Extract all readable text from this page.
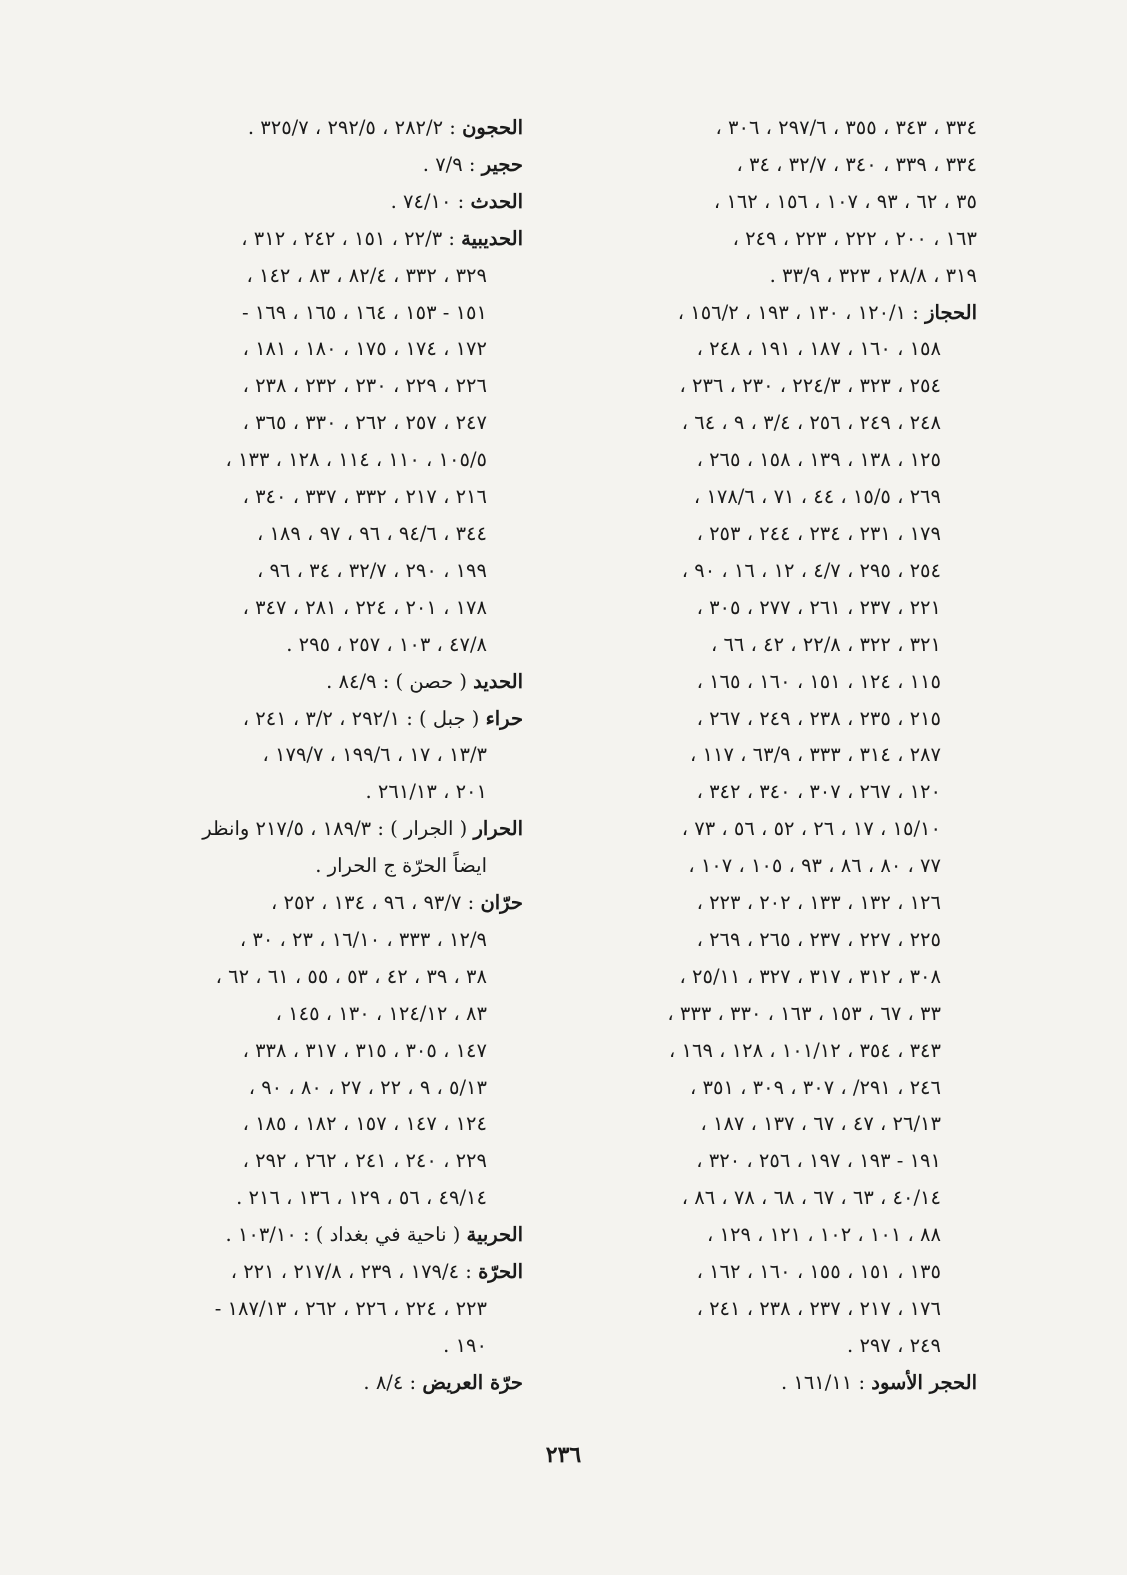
٣٣٤ ، ٣٤٣ ، ٣٥٥ ، ٢٩٧/٦ ، ٣٠٦ ،
٣٣٤ ، ٣٣٩ ، ٣٤٠ ، ٣٢/٧ ، ٣٤ ،
٣٥ ، ٦٢ ، ٩٣ ، ١٠٧ ، ١٥٦ ، ١٦٢ ،
١٦٣ ، ٢٠٠ ، ٢٢٢ ، ٢٢٣ ، ٢٤٩ ،
٣١٩ ، ٢٨/٨ ، ٣٢٣ ، ٣٣/٩ .
الحجاز : ١٢٠/١ ، ١٣٠ ، ١٩٣ ، ١٥٦/٢ ،
١٥٨ ، ١٦٠ ، ١٨٧ ، ١٩١ ، ٢٤٨ ،
٢٥٤ ، ٣٢٣ ، ٢٢٤/٣ ، ٢٣٠ ، ٢٣٦ ،
٢٤٨ ، ٢٤٩ ، ٢٥٦ ، ٣/٤ ، ٩ ، ٦٤ ،
١٢٥ ، ١٣٨ ، ١٣٩ ، ١٥٨ ، ٢٦٥ ،
٢٦٩ ، ١٥/٥ ، ٤٤ ، ٧١ ، ١٧٨/٦ ،
١٧٩ ، ٢٣١ ، ٢٣٤ ، ٢٤٤ ، ٢٥٣ ،
٢٥٤ ، ٢٩٥ ، ٤/٧ ، ١٢ ، ١٦ ، ٩٠ ،
٢٢١ ، ٢٣٧ ، ٢٦١ ، ٢٧٧ ، ٣٠٥ ،
٣٢١ ، ٣٢٢ ، ٢٢/٨ ، ٤٢ ، ٦٦ ،
١١٥ ، ١٢٤ ، ١٥١ ، ١٦٠ ، ١٦٥ ،
٢١٥ ، ٢٣٥ ، ٢٣٨ ، ٢٤٩ ، ٢٦٧ ،
٢٨٧ ، ٣١٤ ، ٣٣٣ ، ٦٣/٩ ، ١١٧ ،
١٢٠ ، ٢٦٧ ، ٣٠٧ ، ٣٤٠ ، ٣٤٢ ،
١٥/١٠ ، ١٧ ، ٢٦ ، ٥٢ ، ٥٦ ، ٧٣ ،
٧٧ ، ٨٠ ، ٨٦ ، ٩٣ ، ١٠٥ ، ١٠٧ ،
١٢٦ ، ١٣٢ ، ١٣٣ ، ٢٠٢ ، ٢٢٣ ،
٢٢٥ ، ٢٢٧ ، ٢٣٧ ، ٢٦٥ ، ٢٦٩ ،
٣٠٨ ، ٣١٢ ، ٣١٧ ، ٣٢٧ ، ٢٥/١١ ،
٣٣ ، ٦٧ ، ١٥٣ ، ١٦٣ ، ٣٣٠ ، ٣٣٣ ،
٣٤٣ ، ٣٥٤ ، ١٠١/١٢ ، ١٢٨ ، ١٦٩ ،
٢٤٦ ، ٢٩١/ ، ٣٠٧ ، ٣٠٩ ، ٣٥١ ،
٢٦/١٣ ، ٤٧ ، ٦٧ ، ١٣٧ ، ١٨٧ ،
١٩١ - ١٩٣ ، ١٩٧ ، ٢٥٦ ، ٣٢٠ ،
٤٠/١٤ ، ٦٣ ، ٦٧ ، ٦٨ ، ٧٨ ، ٨٦ ،
٨٨ ، ١٠١ ، ١٠٢ ، ١٢١ ، ١٢٩ ،
١٣٥ ، ١٥١ ، ١٥٥ ، ١٦٠ ، ١٦٢ ،
١٧٦ ، ٢١٧ ، ٢٣٧ ، ٢٣٨ ، ٢٤١ ،
٢٤٩ ، ٢٩٧ .
الحجر الأسود : ١٦١/١١ .
الحجون : ٢٨٢/٢ ، ٢٩٢/٥ ، ٣٢٥/٧ .
حجير : ٧/٩ .
الحدث : ٧٤/١٠ .
الحديبية : ٢٢/٣ ، ١٥١ ، ٢٤٢ ، ٣١٢ ،
٣٢٩ ، ٣٣٢ ، ٨٢/٤ ، ٨٣ ، ١٤٢ ،
١٥١ - ١٥٣ ، ١٦٤ ، ١٦٥ ، ١٦٩ -
١٧٢ ، ١٧٤ ، ١٧٥ ، ١٨٠ ، ١٨١ ،
٢٢٦ ، ٢٢٩ ، ٢٣٠ ، ٢٣٢ ، ٢٣٨ ،
٢٤٧ ، ٢٥٧ ، ٢٦٢ ، ٣٣٠ ، ٣٦٥ ،
١٠٥/٥ ، ١١٠ ، ١١٤ ، ١٢٨ ، ١٣٣ ،
٢١٦ ، ٢١٧ ، ٣٣٢ ، ٣٣٧ ، ٣٤٠ ،
٣٤٤ ، ٩٤/٦ ، ٩٦ ، ٩٧ ، ١٨٩ ،
١٩٩ ، ٢٩٠ ، ٣٢/٧ ، ٣٤ ، ٩٦ ،
١٧٨ ، ٢٠١ ، ٢٢٤ ، ٢٨١ ، ٣٤٧ ،
٤٧/٨ ، ١٠٣ ، ٢٥٧ ، ٢٩٥ .
الحديد ( حصن ) : ٨٤/٩ .
حراء ( جبل ) : ٢٩٢/١ ، ٣/٢ ، ٢٤١ ،
١٣/٣ ، ١٧ ، ١٩٩/٦ ، ١٧٩/٧ ،
٢٠١ ، ٢٦١/١٣ .
الحرار ( الجرار ) : ١٨٩/٣ ، ٢١٧/٥ وانظر
ايضاً الحرّة ج الحرار .
حرّان : ٩٣/٧ ، ٩٦ ، ١٣٤ ، ٢٥٢ ،
١٢/٩ ، ٣٣٣ ، ١٦/١٠ ، ٢٣ ، ٣٠ ،
٣٨ ، ٣٩ ، ٤٢ ، ٥٣ ، ٥٥ ، ٦١ ، ٦٢ ،
٨٣ ، ١٢٤/١٢ ، ١٣٠ ، ١٤٥ ،
١٤٧ ، ٣٠٥ ، ٣١٥ ، ٣١٧ ، ٣٣٨ ،
٥/١٣ ، ٩ ، ٢٢ ، ٢٧ ، ٨٠ ، ٩٠ ،
١٢٤ ، ١٤٧ ، ١٥٧ ، ١٨٢ ، ١٨٥ ،
٢٢٩ ، ٢٤٠ ، ٢٤١ ، ٢٦٢ ، ٢٩٢ ،
٤٩/١٤ ، ٥٦ ، ١٢٩ ، ١٣٦ ، ٢١٦ .
الحربية ( ناحية في بغداد ) : ١٠٣/١٠ .
الحرّة : ١٧٩/٤ ، ٢٣٩ ، ٢١٧/٨ ، ٢٢١ ،
٢٢٣ ، ٢٢٤ ، ٢٢٦ ، ٢٦٢ ، ١٨٧/١٣ -
١٩٠ .
حرّة العريض : ٨/٤ .
٢٣٦
